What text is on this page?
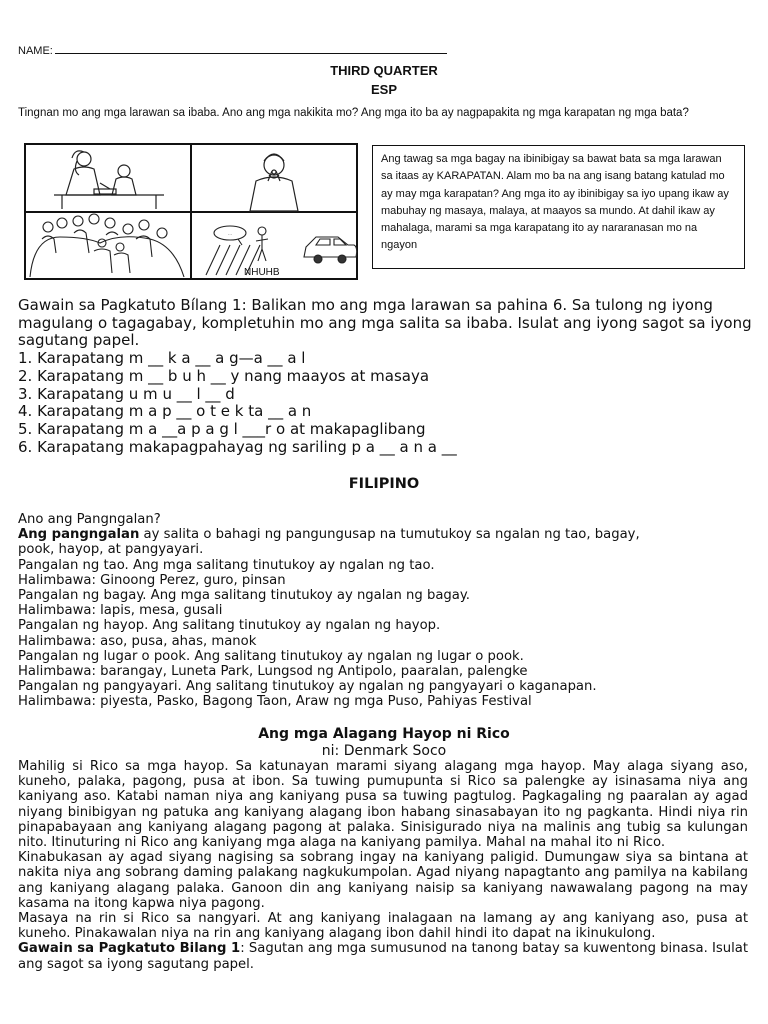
NAME:
THIRD QUARTER
ESP
Tingnan mo ang mga larawan sa ibaba. Ano ang mga nakikita mo? Ang mga ito ba ay nagpapakita ng mga karapatan ng mga bata?
...
NHUHB
Ang tawag sa mga bagay na ibinibigay sa bawat bata sa mga larawan sa itaas ay KARAPATAN. Alam mo ba na ang isang batang katulad mo ay may mga karapatan? Ang mga ito ay ibinibigay sa iyo upang ikaw ay mabuhay ng masaya, malaya, at maayos sa mundo. At dahil ikaw ay mahalaga, marami sa mga karapatang ito ay nararanasan mo na ngayon
Gawain sa Pagkatuto Bílang 1: Balikan mo ang mga larawan sa pahina 6. Sa tulong ng iyong magulang o tagagabay, kompletuhin mo ang mga salita sa ibaba. Isulat ang iyong sagot sa iyong sagutang papel.
1. Karapatang m __ k a __ a g—a __ a l
2. Karapatang m __ b u h __ y nang maayos at masaya
3. Karapatang u m u __ l __ d
4. Karapatang m a p __ o t e k ta __ a n
5. Karapatang m a __a p a g l ___r o at makapaglibang
6. Karapatang makapagpahayag ng sariling p a __ a n a __
FILIPINO
Ano ang Pangngalan?
Ang pangngalan ay salita o bahagi ng pangungusap na tumutukoy sa ngalan ng tao, bagay,
pook, hayop, at pangyayari.
Pangalan ng tao. Ang mga salitang tinutukoy ay ngalan ng tao.
Halimbawa: Ginoong Perez, guro, pinsan
Pangalan ng bagay. Ang mga salitang tinutukoy ay ngalan ng bagay.
Halimbawa: lapis, mesa, gusali
Pangalan ng hayop. Ang salitang tinutukoy ay ngalan ng hayop.
Halimbawa: aso, pusa, ahas, manok
Pangalan ng lugar o pook. Ang salitang tinutukoy ay ngalan ng lugar o pook.
Halimbawa: barangay, Luneta Park, Lungsod ng Antipolo, paaralan, palengke
Pangalan ng pangyayari. Ang salitang tinutukoy ay ngalan ng pangyayari o kaganapan.
Halimbawa: piyesta, Pasko, Bagong Taon, Araw ng mga Puso, Pahiyas Festival
Ang mga Alagang Hayop ni Rico
ni: Denmark Soco

Mahilig si Rico sa mga hayop. Sa katunayan marami siyang alagang mga hayop. May alaga siyang aso, kuneho, palaka, pagong, pusa at ibon. Sa tuwing pumupunta si Rico sa palengke ay isinasama niya ang kaniyang aso. Katabi naman niya ang kaniyang pusa sa tuwing pagtulog. Pagkagaling ng paaralan ay agad niyang binibigyan ng patuka ang kaniyang alagang ibon habang sinasabayan ito ng pagkanta. Hindi niya rin pinapabayaan ang kaniyang alagang pagong at palaka. Sinisigurado niya na malinis ang tubig sa kulungan nito. Itinuturing ni Rico ang kaniyang mga alaga na kaniyang pamilya. Mahal na mahal ito ni Rico.

Kinabukasan ay agad siyang nagising sa sobrang ingay na kaniyang paligid. Dumungaw siya sa bintana at nakita niya ang sobrang daming palakang nagkukumpolan. Agad niyang napagtanto ang pamilya na kabilang ang kaniyang alagang palaka. Ganoon din ang kaniyang naisip sa kaniyang nawawalang pagong na may kasama na itong kapwa niya pagong.

Masaya na rin si Rico sa nangyari. At ang kaniyang inalagaan na lamang ay ang kaniyang aso, pusa at kuneho. Pinakawalan niya na rin ang kaniyang alagang ibon dahil hindi ito dapat na ikinukulong.

Gawain sa Pagkatuto Bilang 1: Sagutan ang mga sumusunod na tanong batay sa kuwentong binasa. Isulat ang sagot sa iyong sagutang papel.
